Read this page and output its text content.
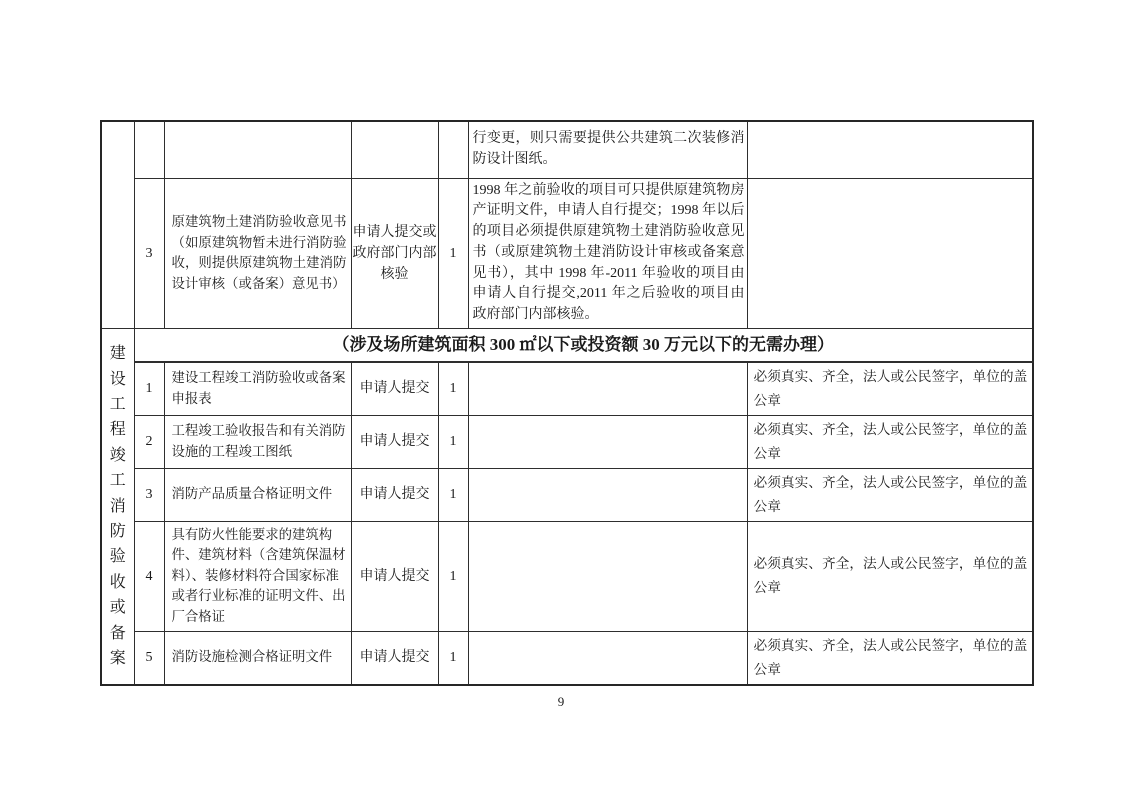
					行变更，则只需要提供公共建筑二次装修消防设计图纸。	
	3	原建筑物土建消防验收意见书（如原建筑物暂未进行消防验收，则提供原建筑物土建消防设计审核（或备案）意见书）	申请人提交或政府部门内部核验	1	1998 年之前验收的项目可只提供原建筑物房产证明文件，申请人自行提交；1998 年以后的项目必须提供原建筑物土建消防验收意见书（或原建筑物土建消防设计审核或备案意见书），其中 1998 年-2011 年验收的项目由申请人自行提交,2011 年之后验收的项目由政府部门内部核验。	

建设工程竣工消防验收或备案	（涉及场所建筑面积 300 ㎡以下或投资额 30 万元以下的无需办理）					
	1	建设工程竣工消防验收或备案申报表	申请人提交	1		必须真实、齐全，法人或公民签字，单位的盖公章
	2	工程竣工验收报告和有关消防设施的工程竣工图纸	申请人提交	1		必须真实、齐全，法人或公民签字，单位的盖公章
	3	消防产品质量合格证明文件	申请人提交	1		必须真实、齐全，法人或公民签字，单位的盖公章
	4	具有防火性能要求的建筑构件、建筑材料（含建筑保温材料）、装修材料符合国家标准或者行业标准的证明文件、出厂合格证	申请人提交	1		必须真实、齐全，法人或公民签字，单位的盖公章
	5	消防设施检测合格证明文件	申请人提交	1		必须真实、齐全，法人或公民签字，单位的盖公章
9
